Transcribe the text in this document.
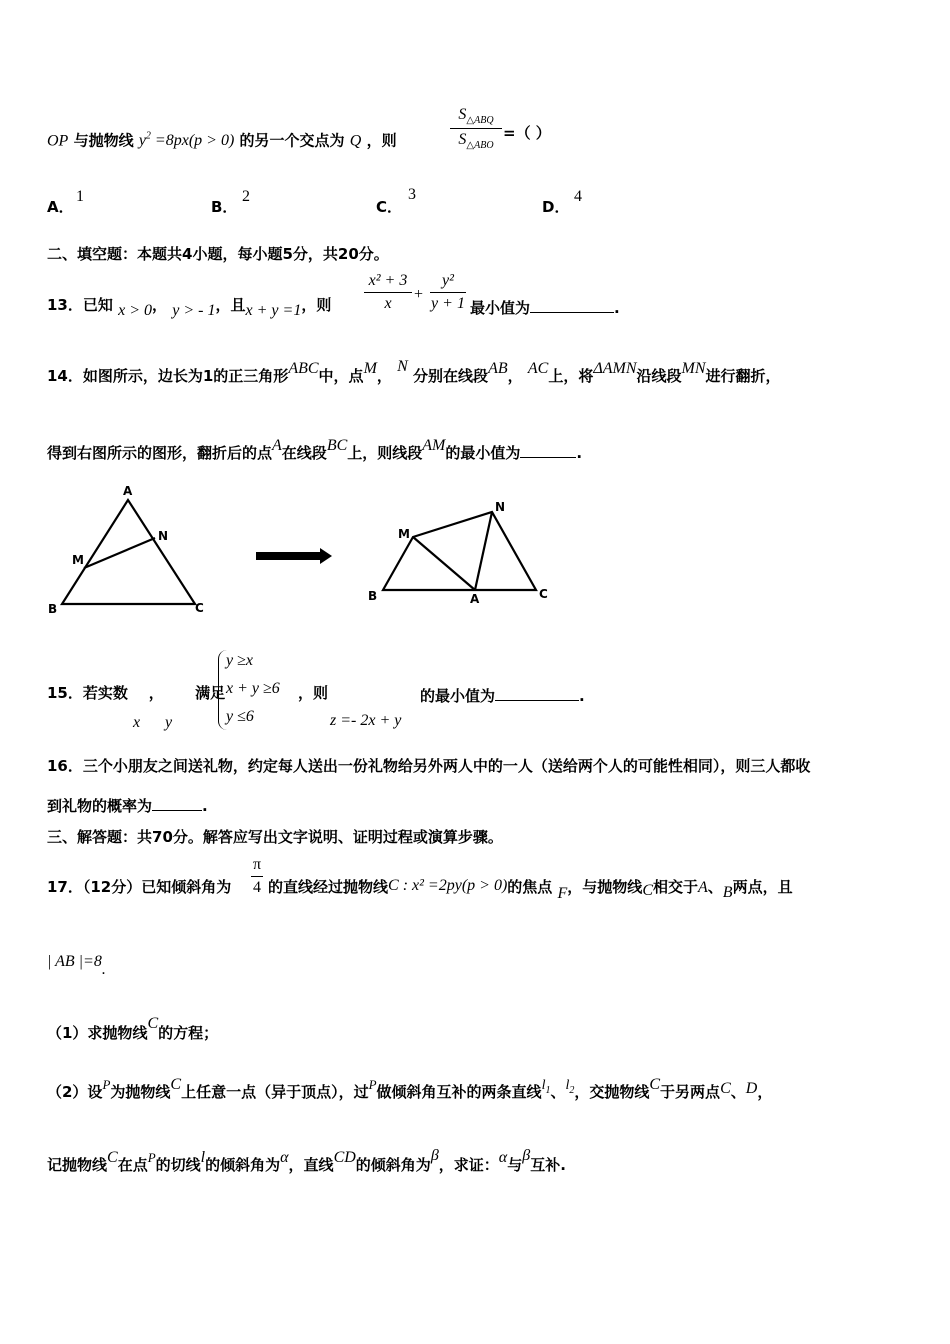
OP 与抛物线 $y^2 =8px(p > 0)$ 的另一个交点为 Q ，则
$S_{\triangle ABQ}$
$S_{\triangle ABO}$
=（ ）
A．
1
B．
2
C．
3
D．
4
二、填空题：本题共4小题，每小题5分，共20分。
13．已知 x > 0， y > - 1，且x + y =1，则
x² + 3
x
+
y²
y + 1 最小值为	.
14．如图所示，边长为1的正三角形ABC中，点M， N 分别在线段AB， AC上，将ΔAMN沿线段MN进行翻折，
得到右图所示的图形，翻折后的点A在线段BC上，则线段AM的最小值为	.
A
B	C
M
N	M
N
B	A	C
15．若实数 ， 满足
x y
y ≥x
x + y ≥6
y ≤6
，则
z =- 2x + y
的最小值为	.
16．三个小朋友之间送礼物，约定每人送出一份礼物给另外两人中的一人（送给两个人的可能性相同），则三人都收
到礼物的概率为	.
三、解答题：共70分。解答应写出文字说明、证明过程或演算步骤。
17．（12分）已知倾斜角为
π
4 的直线经过抛物线C : x² =2py(p > 0)的焦点 F，与抛物线C相交于A、B两点，且
| AB |=8.
（1）求抛物线C的方程；
（2）设P为抛物线C上任意一点（异于顶点），过P做倾斜角互补的两条直线$l_1$、$l_2$，交抛物线C于另两点C、D，
记抛物线C在点P的切线l的倾斜角为α，直线CD的倾斜角为β，求证：α与β互补.
